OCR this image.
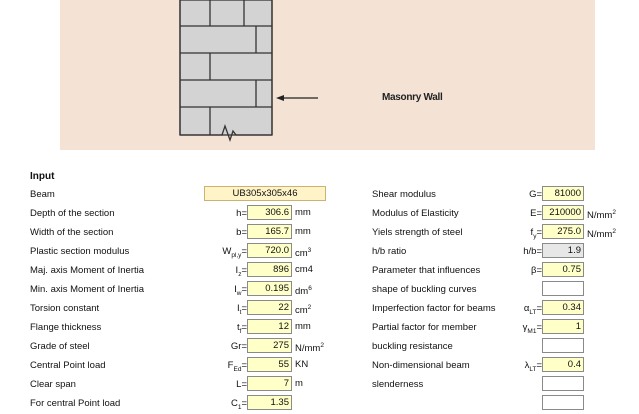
Masonry Wall
Input
Beam	UB305x305x46
Depth of the section	h=	306.6 mm
Width of the section	b=	165.7 mm
Plastic section modulus	$W_{pl,y}=$	720.0 $cm^3$
Maj. axis Moment of Inertia	$I_z=$	896 cm4
Min. axis Moment of Inertia	$I_w=$	0.195 $dm^6$
Torsion constant	$I_t=$	22 $cm^2$
Flange thickness	$t_f=$	12 mm
Grade of steel	Gr=	275 $N/mm^2$
Central Point load	$F_{Ed}=$	55 KN
Clear span	L=	7 m
For central Point load	$C_1=$	1.35
Shear modulus	G=	81000
Modulus of Elasticity	E= 210000 $N/mm^2$
Yiels strength of steel	$f_y=$	275.0 $N/mm^2$
h/b ratio	h/b=	1.9
Parameter that influences	β=	0.75
shape of buckling curves
Imperfection factor for beams	$\alpha_{LT}=$	0.34
Partial factor for member	$\gamma_{M1}=$	1
buckling resistance
Non-dimensional beam	$\lambda_{LT}=$	0.4
slenderness
